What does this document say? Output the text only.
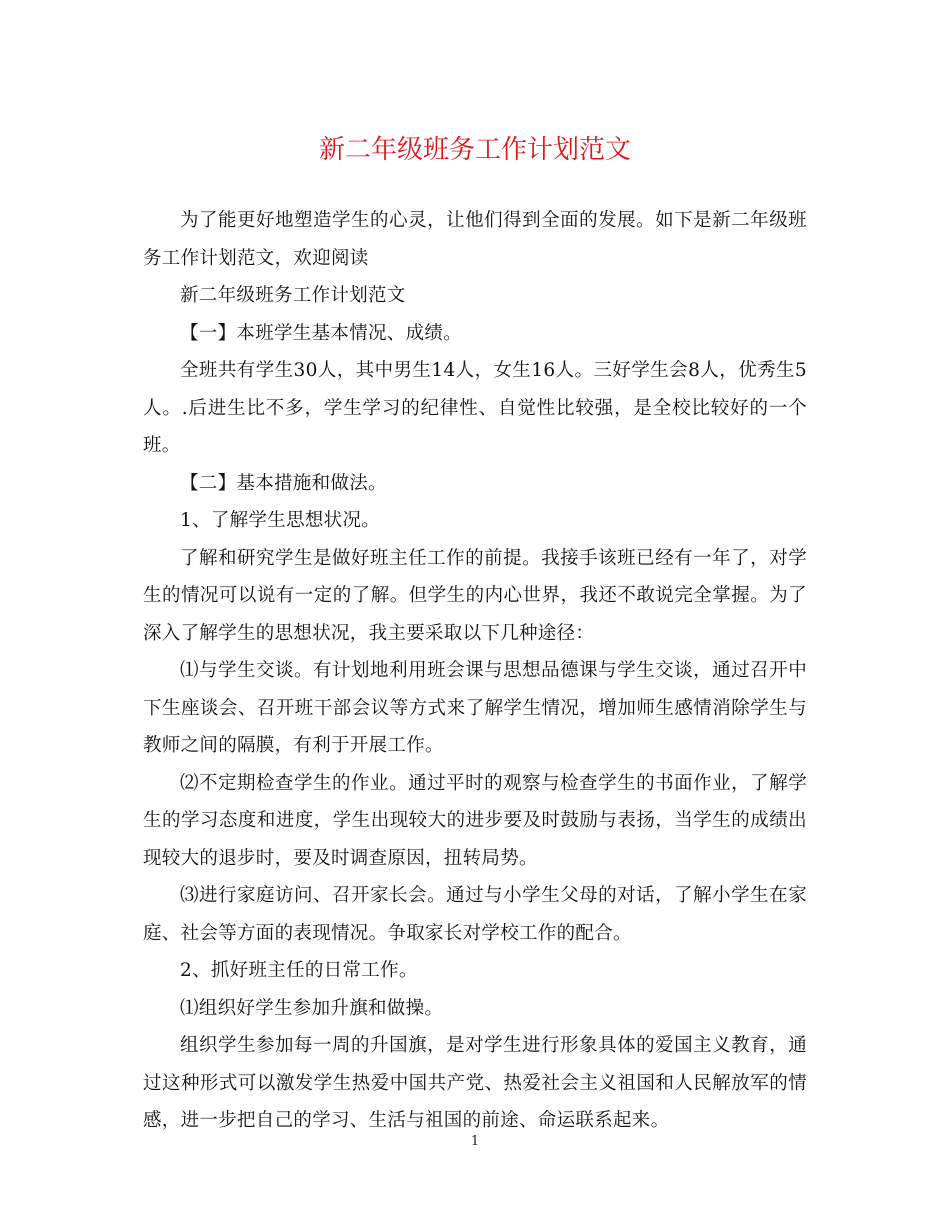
新二年级班务工作计划范文

为了能更好地塑造学生的心灵，让他们得到全面的发展。如下是新二年级班务工作计划范文，欢迎阅读

新二年级班务工作计划范文

【一】本班学生基本情况、成绩。

全班共有学生30人，其中男生14人，女生16人。三好学生会8人，优秀生5人。.后进生比不多，学生学习的纪律性、自觉性比较强，是全校比较好的一个班。

【二】基本措施和做法。

1、了解学生思想状况。

了解和研究学生是做好班主任工作的前提。我接手该班已经有一年了，对学生的情况可以说有一定的了解。但学生的内心世界，我还不敢说完全掌握。为了深入了解学生的思想状况，我主要采取以下几种途径：

⑴与学生交谈。有计划地利用班会课与思想品德课与学生交谈，通过召开中下生座谈会、召开班干部会议等方式来了解学生情况，增加师生感情消除学生与教师之间的隔膜，有利于开展工作。

⑵不定期检查学生的作业。通过平时的观察与检查学生的书面作业，了解学生的学习态度和进度，学生出现较大的进步要及时鼓励与表扬，当学生的成绩出现较大的退步时，要及时调查原因，扭转局势。

⑶进行家庭访问、召开家长会。通过与小学生父母的对话，了解小学生在家庭、社会等方面的表现情况。争取家长对学校工作的配合。

2、抓好班主任的日常工作。

⑴组织好学生参加升旗和做操。

组织学生参加每一周的升国旗，是对学生进行形象具体的爱国主义教育，通过这种形式可以激发学生热爱中国共产党、热爱社会主义祖国和人民解放军的情感，进一步把自己的学习、生活与祖国的前途、命运联系起来。

1
